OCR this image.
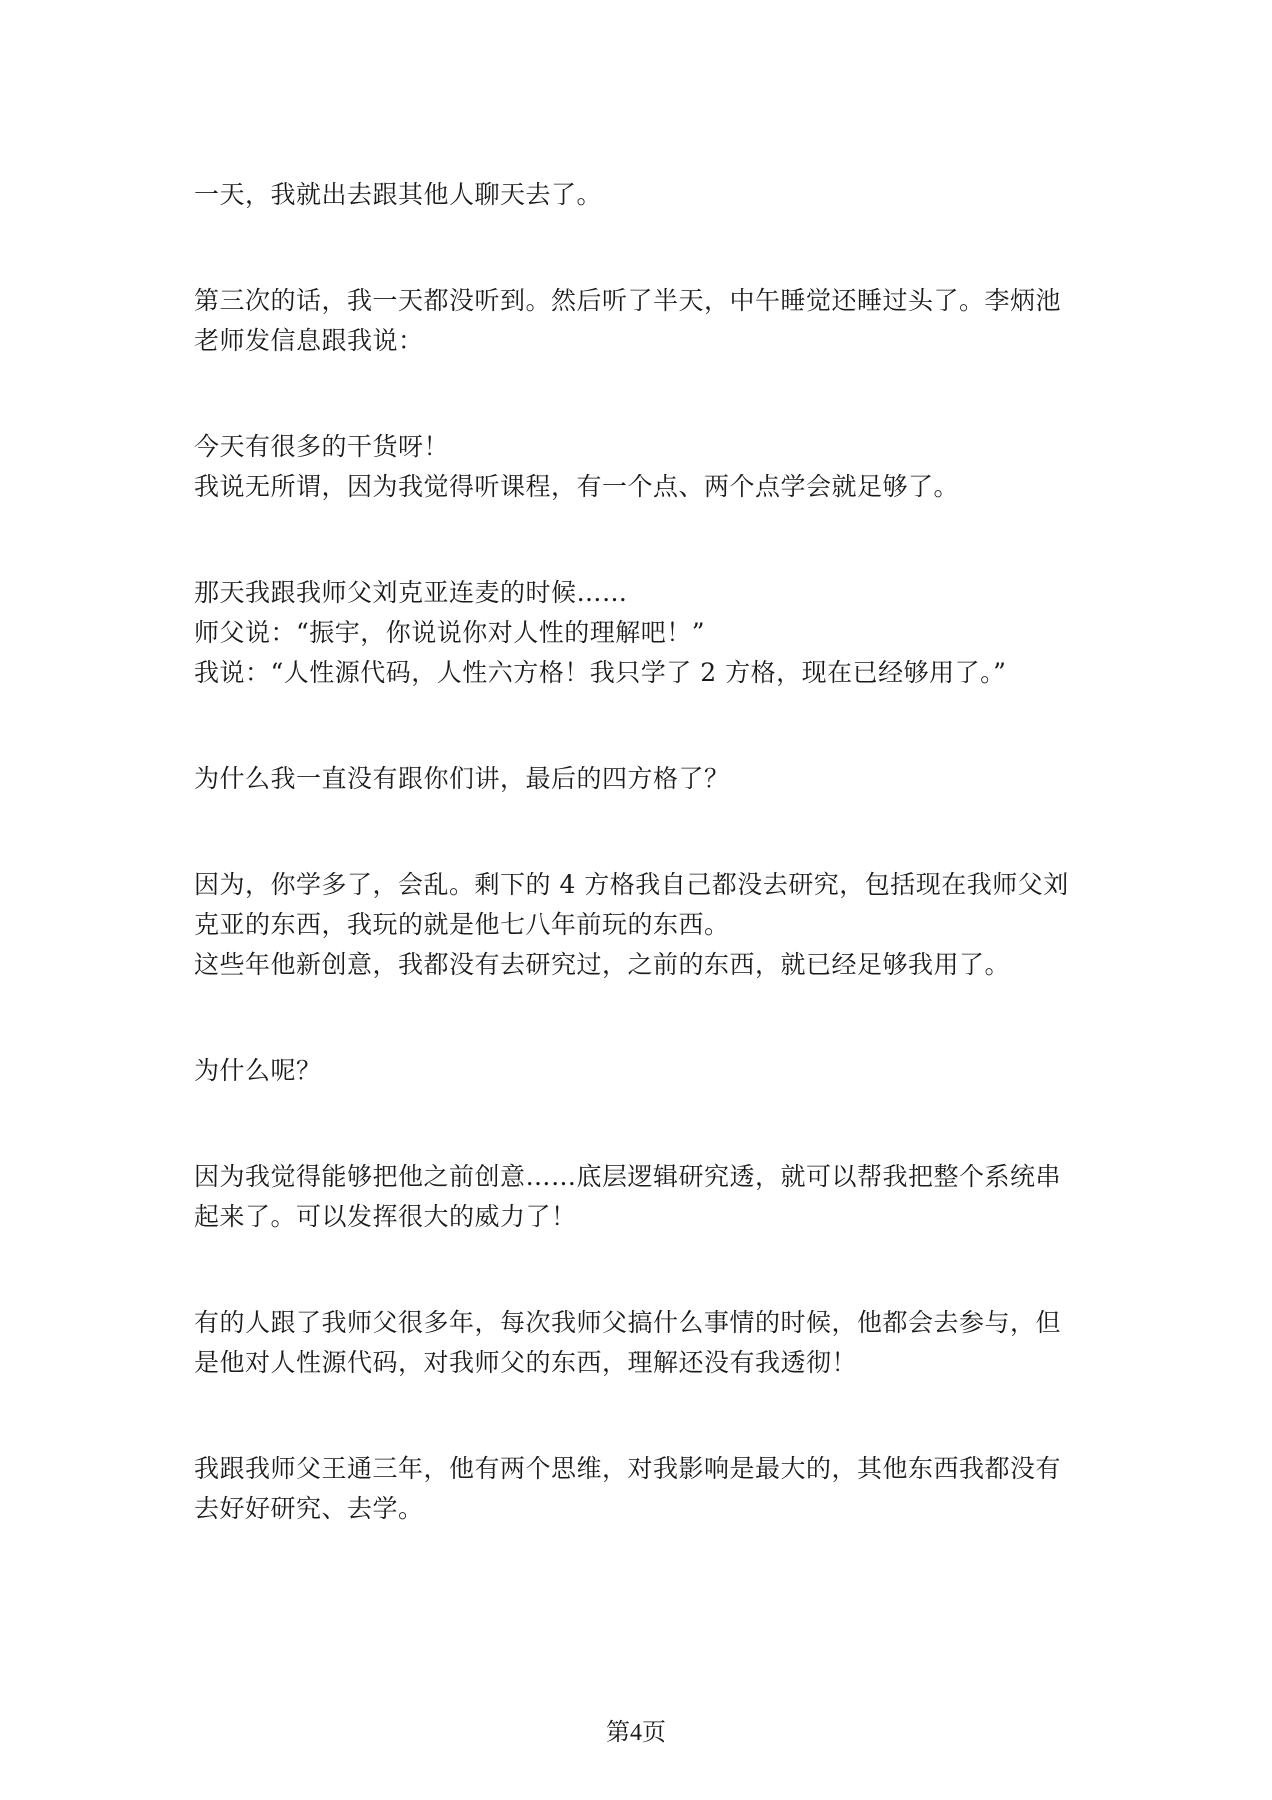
一天，我就出去跟其他人聊天去了。

第三次的话，我一天都没听到。然后听了半天，中午睡觉还睡过头了。李炳池
老师发信息跟我说：

今天有很多的干货呀！
我说无所谓，因为我觉得听课程，有一个点、两个点学会就足够了。

那天我跟我师父刘克亚连麦的时候……
师父说：“振宇，你说说你对人性的理解吧！”
我说：“人性源代码，人性六方格！我只学了 2 方格，现在已经够用了。”

为什么我一直没有跟你们讲，最后的四方格了？

因为，你学多了，会乱。剩下的 4 方格我自己都没去研究，包括现在我师父刘
克亚的东西，我玩的就是他七八年前玩的东西。
这些年他新创意，我都没有去研究过，之前的东西，就已经足够我用了。

为什么呢？

因为我觉得能够把他之前创意……底层逻辑研究透，就可以帮我把整个系统串
起来了。可以发挥很大的威力了！

有的人跟了我师父很多年，每次我师父搞什么事情的时候，他都会去参与，但
是他对人性源代码，对我师父的东西，理解还没有我透彻！

我跟我师父王通三年，他有两个思维，对我影响是最大的，其他东西我都没有
去好好研究、去学。

第4页
